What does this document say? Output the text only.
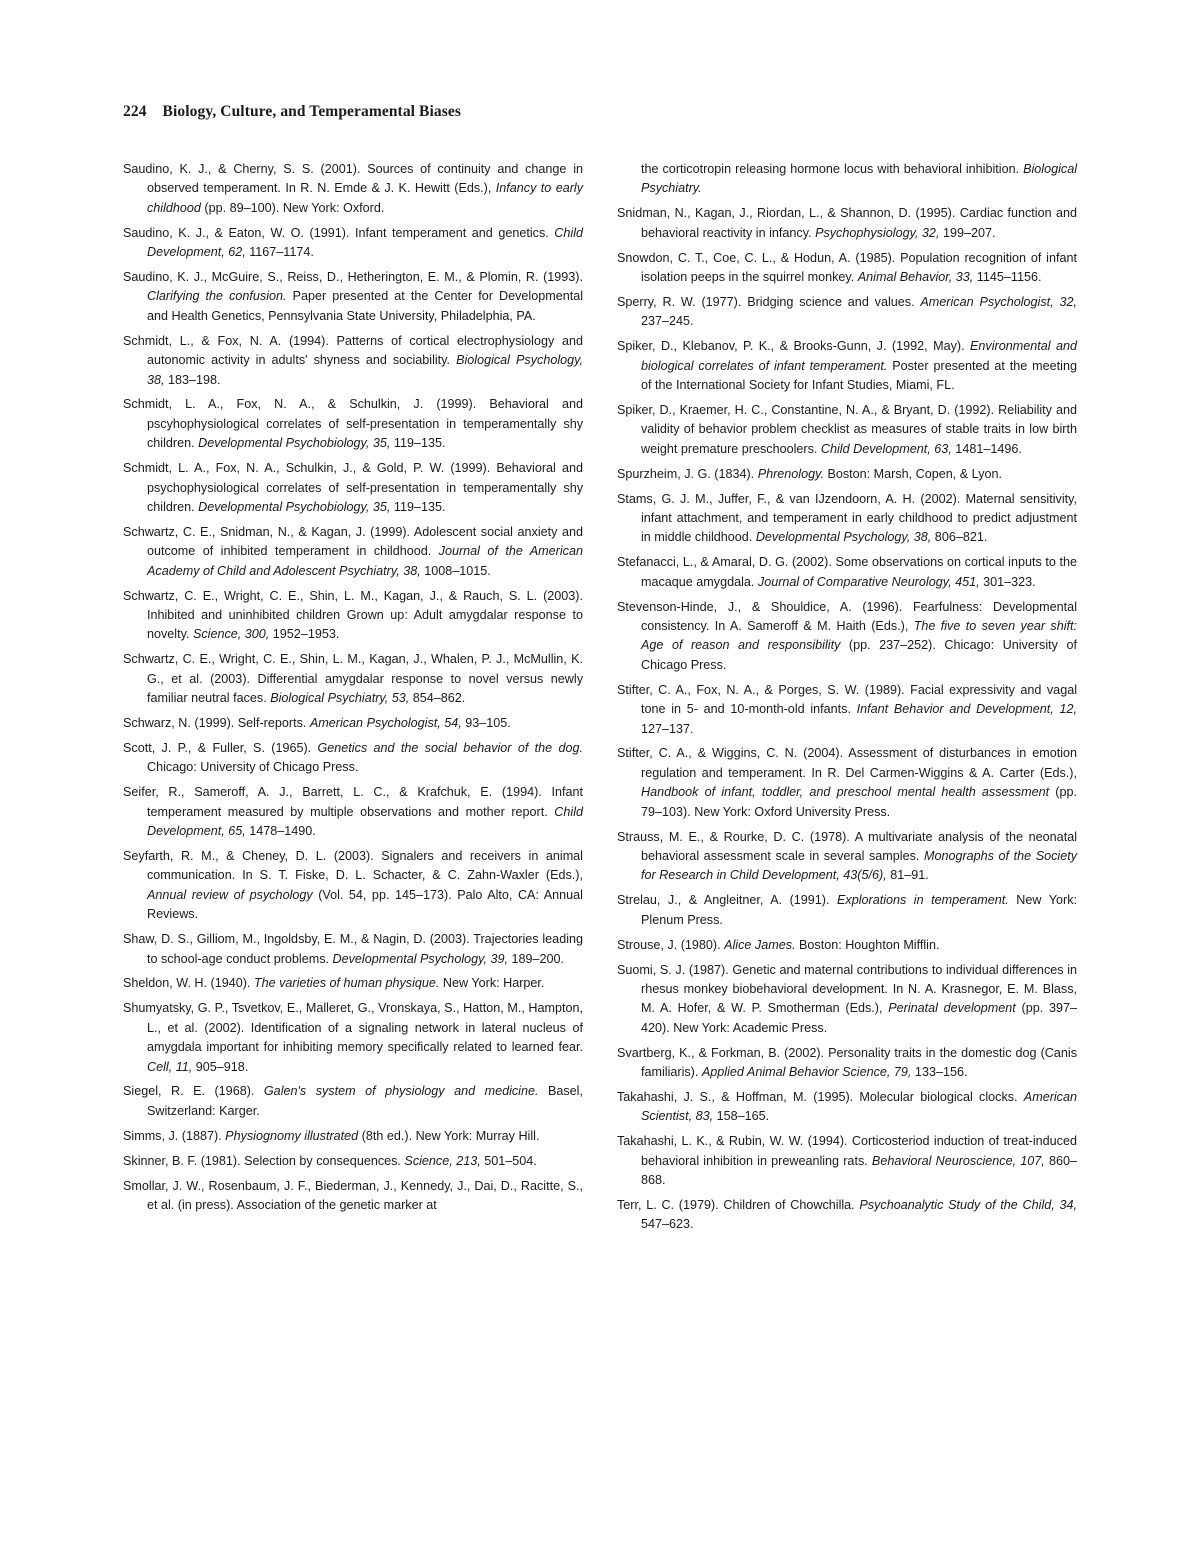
224 Biology, Culture, and Temperamental Biases

Saudino, K. J., & Cherny, S. S. (2001). Sources of continuity and change in observed temperament. In R. N. Emde & J. K. Hewitt (Eds.), Infancy to early childhood (pp. 89–100). New York: Oxford.

Saudino, K. J., & Eaton, W. O. (1991). Infant temperament and genetics. Child Development, 62, 1167–1174.

Saudino, K. J., McGuire, S., Reiss, D., Hetherington, E. M., & Plomin, R. (1993). Clarifying the confusion. Paper presented at the Center for Developmental and Health Genetics, Pennsylvania State University, Philadelphia, PA.

Schmidt, L., & Fox, N. A. (1994). Patterns of cortical electrophysiology and autonomic activity in adults' shyness and sociability. Biological Psychology, 38, 183–198.

Schmidt, L. A., Fox, N. A., & Schulkin, J. (1999). Behavioral and pscyhophysiological correlates of self-presentation in temperamentally shy children. Developmental Psychobiology, 35, 119–135.

Schmidt, L. A., Fox, N. A., Schulkin, J., & Gold, P. W. (1999). Behavioral and psychophysiological correlates of self-presentation in temperamentally shy children. Developmental Psychobiology, 35, 119–135.

Schwartz, C. E., Snidman, N., & Kagan, J. (1999). Adolescent social anxiety and outcome of inhibited temperament in childhood. Journal of the American Academy of Child and Adolescent Psychiatry, 38, 1008–1015.

Schwartz, C. E., Wright, C. E., Shin, L. M., Kagan, J., & Rauch, S. L. (2003). Inhibited and uninhibited children Grown up: Adult amygdalar response to novelty. Science, 300, 1952–1953.

Schwartz, C. E., Wright, C. E., Shin, L. M., Kagan, J., Whalen, P. J., McMullin, K. G., et al. (2003). Differential amygdalar response to novel versus newly familiar neutral faces. Biological Psychiatry, 53, 854–862.

Schwarz, N. (1999). Self-reports. American Psychologist, 54, 93–105.

Scott, J. P., & Fuller, S. (1965). Genetics and the social behavior of the dog. Chicago: University of Chicago Press.

Seifer, R., Sameroff, A. J., Barrett, L. C., & Krafchuk, E. (1994). Infant temperament measured by multiple observations and mother report. Child Development, 65, 1478–1490.

Seyfarth, R. M., & Cheney, D. L. (2003). Signalers and receivers in animal communication. In S. T. Fiske, D. L. Schacter, & C. Zahn-Waxler (Eds.), Annual review of psychology (Vol. 54, pp. 145–173). Palo Alto, CA: Annual Reviews.

Shaw, D. S., Gilliom, M., Ingoldsby, E. M., & Nagin, D. (2003). Trajectories leading to school-age conduct problems. Developmental Psychology, 39, 189–200.

Sheldon, W. H. (1940). The varieties of human physique. New York: Harper.

Shumyatsky, G. P., Tsvetkov, E., Malleret, G., Vronskaya, S., Hatton, M., Hampton, L., et al. (2002). Identification of a signaling network in lateral nucleus of amygdala important for inhibiting memory specifically related to learned fear. Cell, 11, 905–918.

Siegel, R. E. (1968). Galen's system of physiology and medicine. Basel, Switzerland: Karger.

Simms, J. (1887). Physiognomy illustrated (8th ed.). New York: Murray Hill.

Skinner, B. F. (1981). Selection by consequences. Science, 213, 501–504.

Smollar, J. W., Rosenbaum, J. F., Biederman, J., Kennedy, J., Dai, D., Racitte, S., et al. (in press). Association of the genetic marker at

the corticotropin releasing hormone locus with behavioral inhibition. Biological Psychiatry.

Snidman, N., Kagan, J., Riordan, L., & Shannon, D. (1995). Cardiac function and behavioral reactivity in infancy. Psychophysiology, 32, 199–207.

Snowdon, C. T., Coe, C. L., & Hodun, A. (1985). Population recognition of infant isolation peeps in the squirrel monkey. Animal Behavior, 33, 1145–1156.

Sperry, R. W. (1977). Bridging science and values. American Psychologist, 32, 237–245.

Spiker, D., Klebanov, P. K., & Brooks-Gunn, J. (1992, May). Environmental and biological correlates of infant temperament. Poster presented at the meeting of the International Society for Infant Studies, Miami, FL.

Spiker, D., Kraemer, H. C., Constantine, N. A., & Bryant, D. (1992). Reliability and validity of behavior problem checklist as measures of stable traits in low birth weight premature preschoolers. Child Development, 63, 1481–1496.

Spurzheim, J. G. (1834). Phrenology. Boston: Marsh, Copen, & Lyon.

Stams, G. J. M., Juffer, F., & van IJzendoorn, A. H. (2002). Maternal sensitivity, infant attachment, and temperament in early childhood to predict adjustment in middle childhood. Developmental Psychology, 38, 806–821.

Stefanacci, L., & Amaral, D. G. (2002). Some observations on cortical inputs to the macaque amygdala. Journal of Comparative Neurology, 451, 301–323.

Stevenson-Hinde, J., & Shouldice, A. (1996). Fearfulness: Developmental consistency. In A. Sameroff & M. Haith (Eds.), The five to seven year shift: Age of reason and responsibility (pp. 237–252). Chicago: University of Chicago Press.

Stifter, C. A., Fox, N. A., & Porges, S. W. (1989). Facial expressivity and vagal tone in 5- and 10-month-old infants. Infant Behavior and Development, 12, 127–137.

Stifter, C. A., & Wiggins, C. N. (2004). Assessment of disturbances in emotion regulation and temperament. In R. Del Carmen-Wiggins & A. Carter (Eds.), Handbook of infant, toddler, and preschool mental health assessment (pp. 79–103). New York: Oxford University Press.

Strauss, M. E., & Rourke, D. C. (1978). A multivariate analysis of the neonatal behavioral assessment scale in several samples. Monographs of the Society for Research in Child Development, 43(5/6), 81–91.

Strelau, J., & Angleitner, A. (1991). Explorations in temperament. New York: Plenum Press.

Strouse, J. (1980). Alice James. Boston: Houghton Mifflin.

Suomi, S. J. (1987). Genetic and maternal contributions to individual differences in rhesus monkey biobehavioral development. In N. A. Krasnegor, E. M. Blass, M. A. Hofer, & W. P. Smotherman (Eds.), Perinatal development (pp. 397–420). New York: Academic Press.

Svartberg, K., & Forkman, B. (2002). Personality traits in the domestic dog (Canis familiaris). Applied Animal Behavior Science, 79, 133–156.

Takahashi, J. S., & Hoffman, M. (1995). Molecular biological clocks. American Scientist, 83, 158–165.

Takahashi, L. K., & Rubin, W. W. (1994). Corticosteriod induction of treat-induced behavioral inhibition in preweanling rats. Behavioral Neuroscience, 107, 860–868.

Terr, L. C. (1979). Children of Chowchilla. Psychoanalytic Study of the Child, 34, 547–623.
